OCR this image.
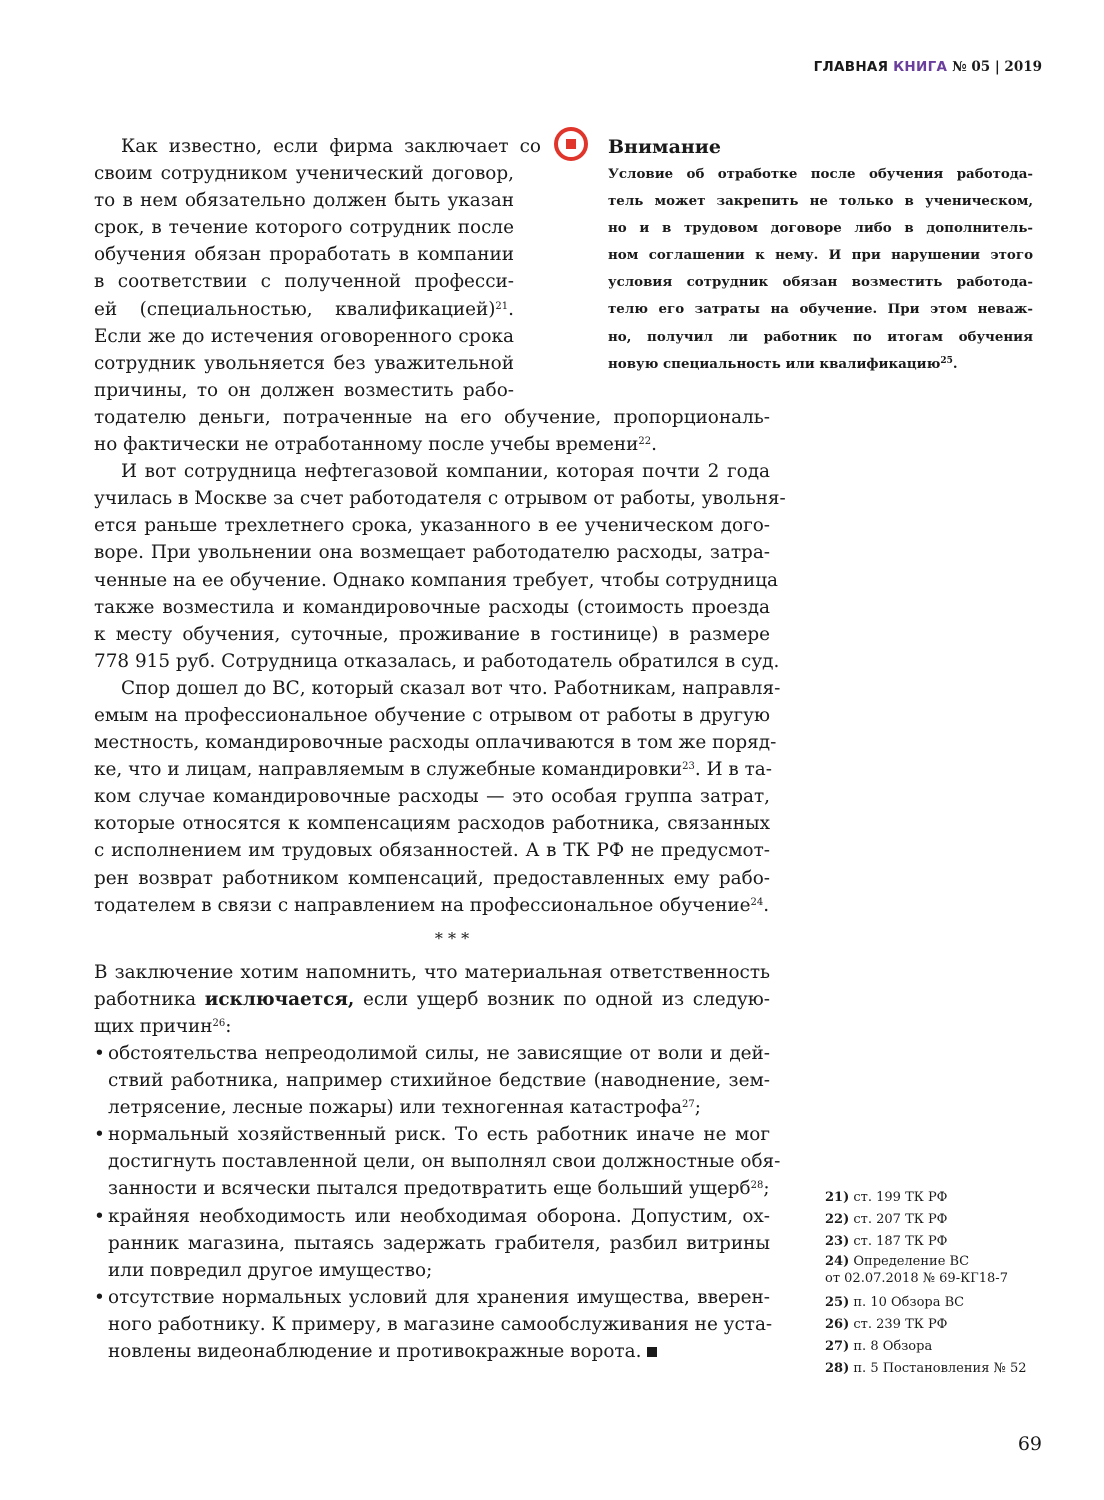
ГЛАВНАЯ КНИГА № 05 | 2019
Как известно, если фирма заключает со
своим сотрудником ученический договор,
то в нем обязательно должен быть указан
срок, в течение которого сотрудник после
обучения обязан проработать в компании
в соответствии с полученной професси-
ей (специальностью, квалификацией)$^{21}$.
Если же до истечения оговоренного срока
сотрудник увольняется без уважительной
причины, то он должен возместить рабо-
тодателю деньги, потраченные на его обучение, пропорциональ-
но фактически не отработанному после учебы времени$^{22}$.
И вот сотрудница нефтегазовой компании, которая почти 2 года
училась в Москве за счет работодателя с отрывом от работы, увольня-
ется раньше трехлетнего срока, указанного в ее ученическом дого-
воре. При увольнении она возмещает работодателю расходы, затра-
ченные на ее обучение. Однако компания требует, чтобы сотрудница
также возместила и командировочные расходы (стоимость проезда
к месту обучения, суточные, проживание в гостинице) в размере
778 915 руб. Сотрудница отказалась, и работодатель обратился в суд.
Спор дошел до ВС, который сказал вот что. Работникам, направля-
емым на профессиональное обучение с отрывом от работы в другую
местность, командировочные расходы оплачиваются в том же поряд-
ке, что и лицам, направляемым в служебные командировки$^{23}$. И в та-
ком случае командировочные расходы — это особая группа затрат,
которые относятся к компенсациям расходов работника, связанных
с исполнением им трудовых обязанностей. А в ТК РФ не предусмот-
рен возврат работником компенсаций, предоставленных ему рабо-
тодателем в связи с направлением на профессиональное обучение$^{24}$.
* * *
В заключение хотим напомнить, что материальная ответственность
работника исключается, если ущерб возник по одной из следую-
щих причин$^{26}$:
• обстоятельства непреодолимой силы, не зависящие от воли и дей-
ствий работника, например стихийное бедствие (наводнение, зем-
летрясение, лесные пожары) или техногенная катастрофа$^{27}$;
• нормальный хозяйственный риск. То есть работник иначе не мог
достигнуть поставленной цели, он выполнял свои должностные обя-
занности и всячески пытался предотвратить еще больший ущерб$^{28}$;
• крайняя необходимость или необходимая оборона. Допустим, ох-
ранник магазина, пытаясь задержать грабителя, разбил витрины
или повредил другое имущество;
• отсутствие нормальных условий для хранения имущества, вверен-
ного работнику. К примеру, в магазине самообслуживания не уста-
новлены видеонаблюдение и противокражные ворота.
Внимание
Условие об отработке после обучения работода-
тель может закрепить не только в ученическом,
но и в трудовом договоре либо в дополнитель-
ном соглашении к нему. И при нарушении этого
условия сотрудник обязан возместить работода-
телю его затраты на обучение. При этом неваж-
но, получил ли работник по итогам обучения
новую специальность или квалификацию$^{25}$.
21) ст. 199 ТК РФ
22) ст. 207 ТК РФ
23) ст. 187 ТК РФ
24) Определение ВС
от 02.07.2018 № 69-КГ18-7
25) п. 10 Обзора ВС
26) ст. 239 ТК РФ
27) п. 8 Обзора
28) п. 5 Постановления № 52
69
